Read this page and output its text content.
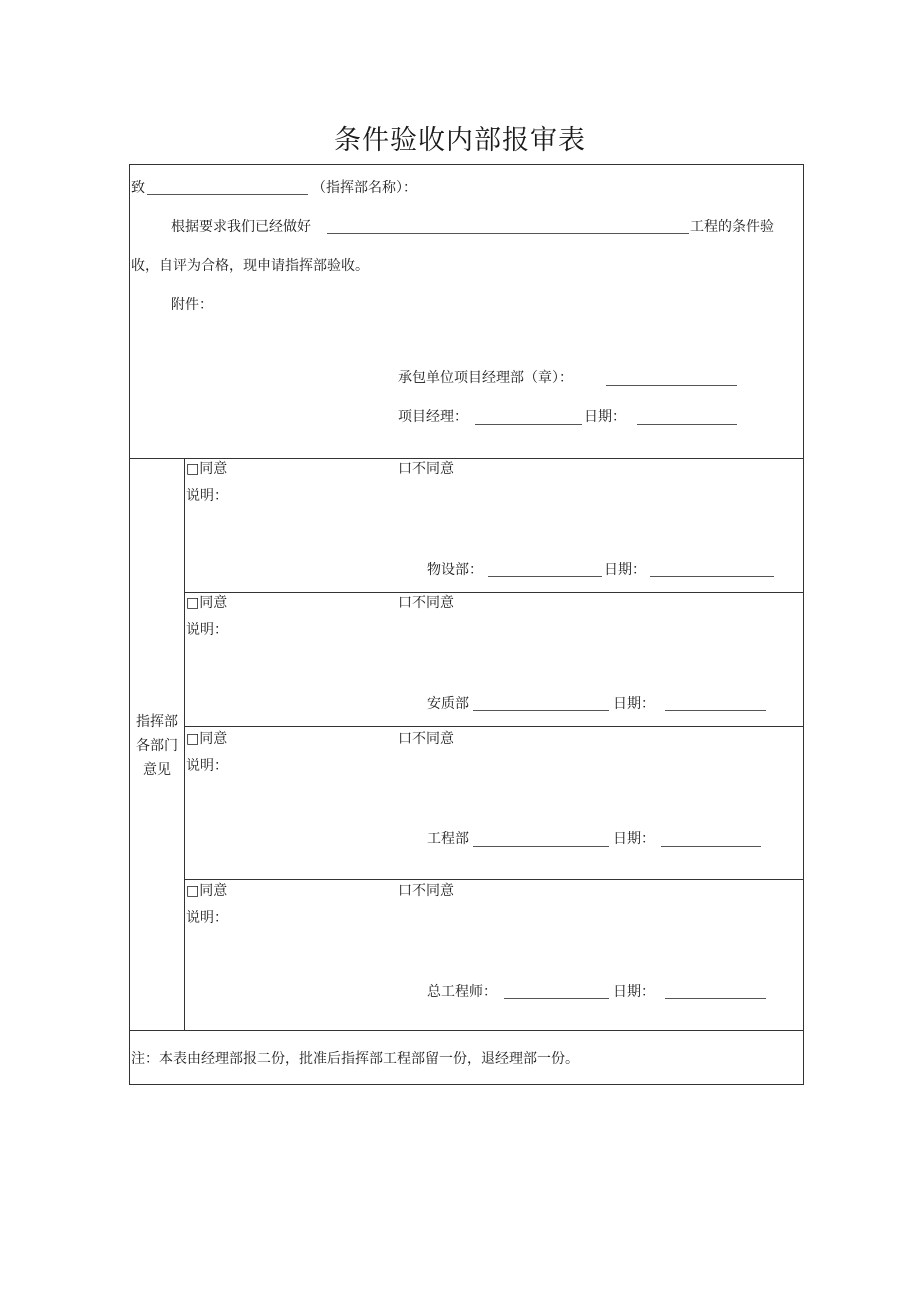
条件验收内部报审表
致	（指挥部名称）：
根据要求我们已经做好	工程的条件验
收，自评为合格，现申请指挥部验收。
附件：
承包单位项目经理部（章）：
项目经理：	日期：
指挥部
各部门
意见
□同意	口不同意
说明：
物设部：	日期：
□同意	口不同意
说明：
安质部	日期：
□同意	口不同意
说明：
工程部	日期：
□同意	口不同意
说明：
总工程师：	日期：
注：本表由经理部报二份，批准后指挥部工程部留一份，退经理部一份。
